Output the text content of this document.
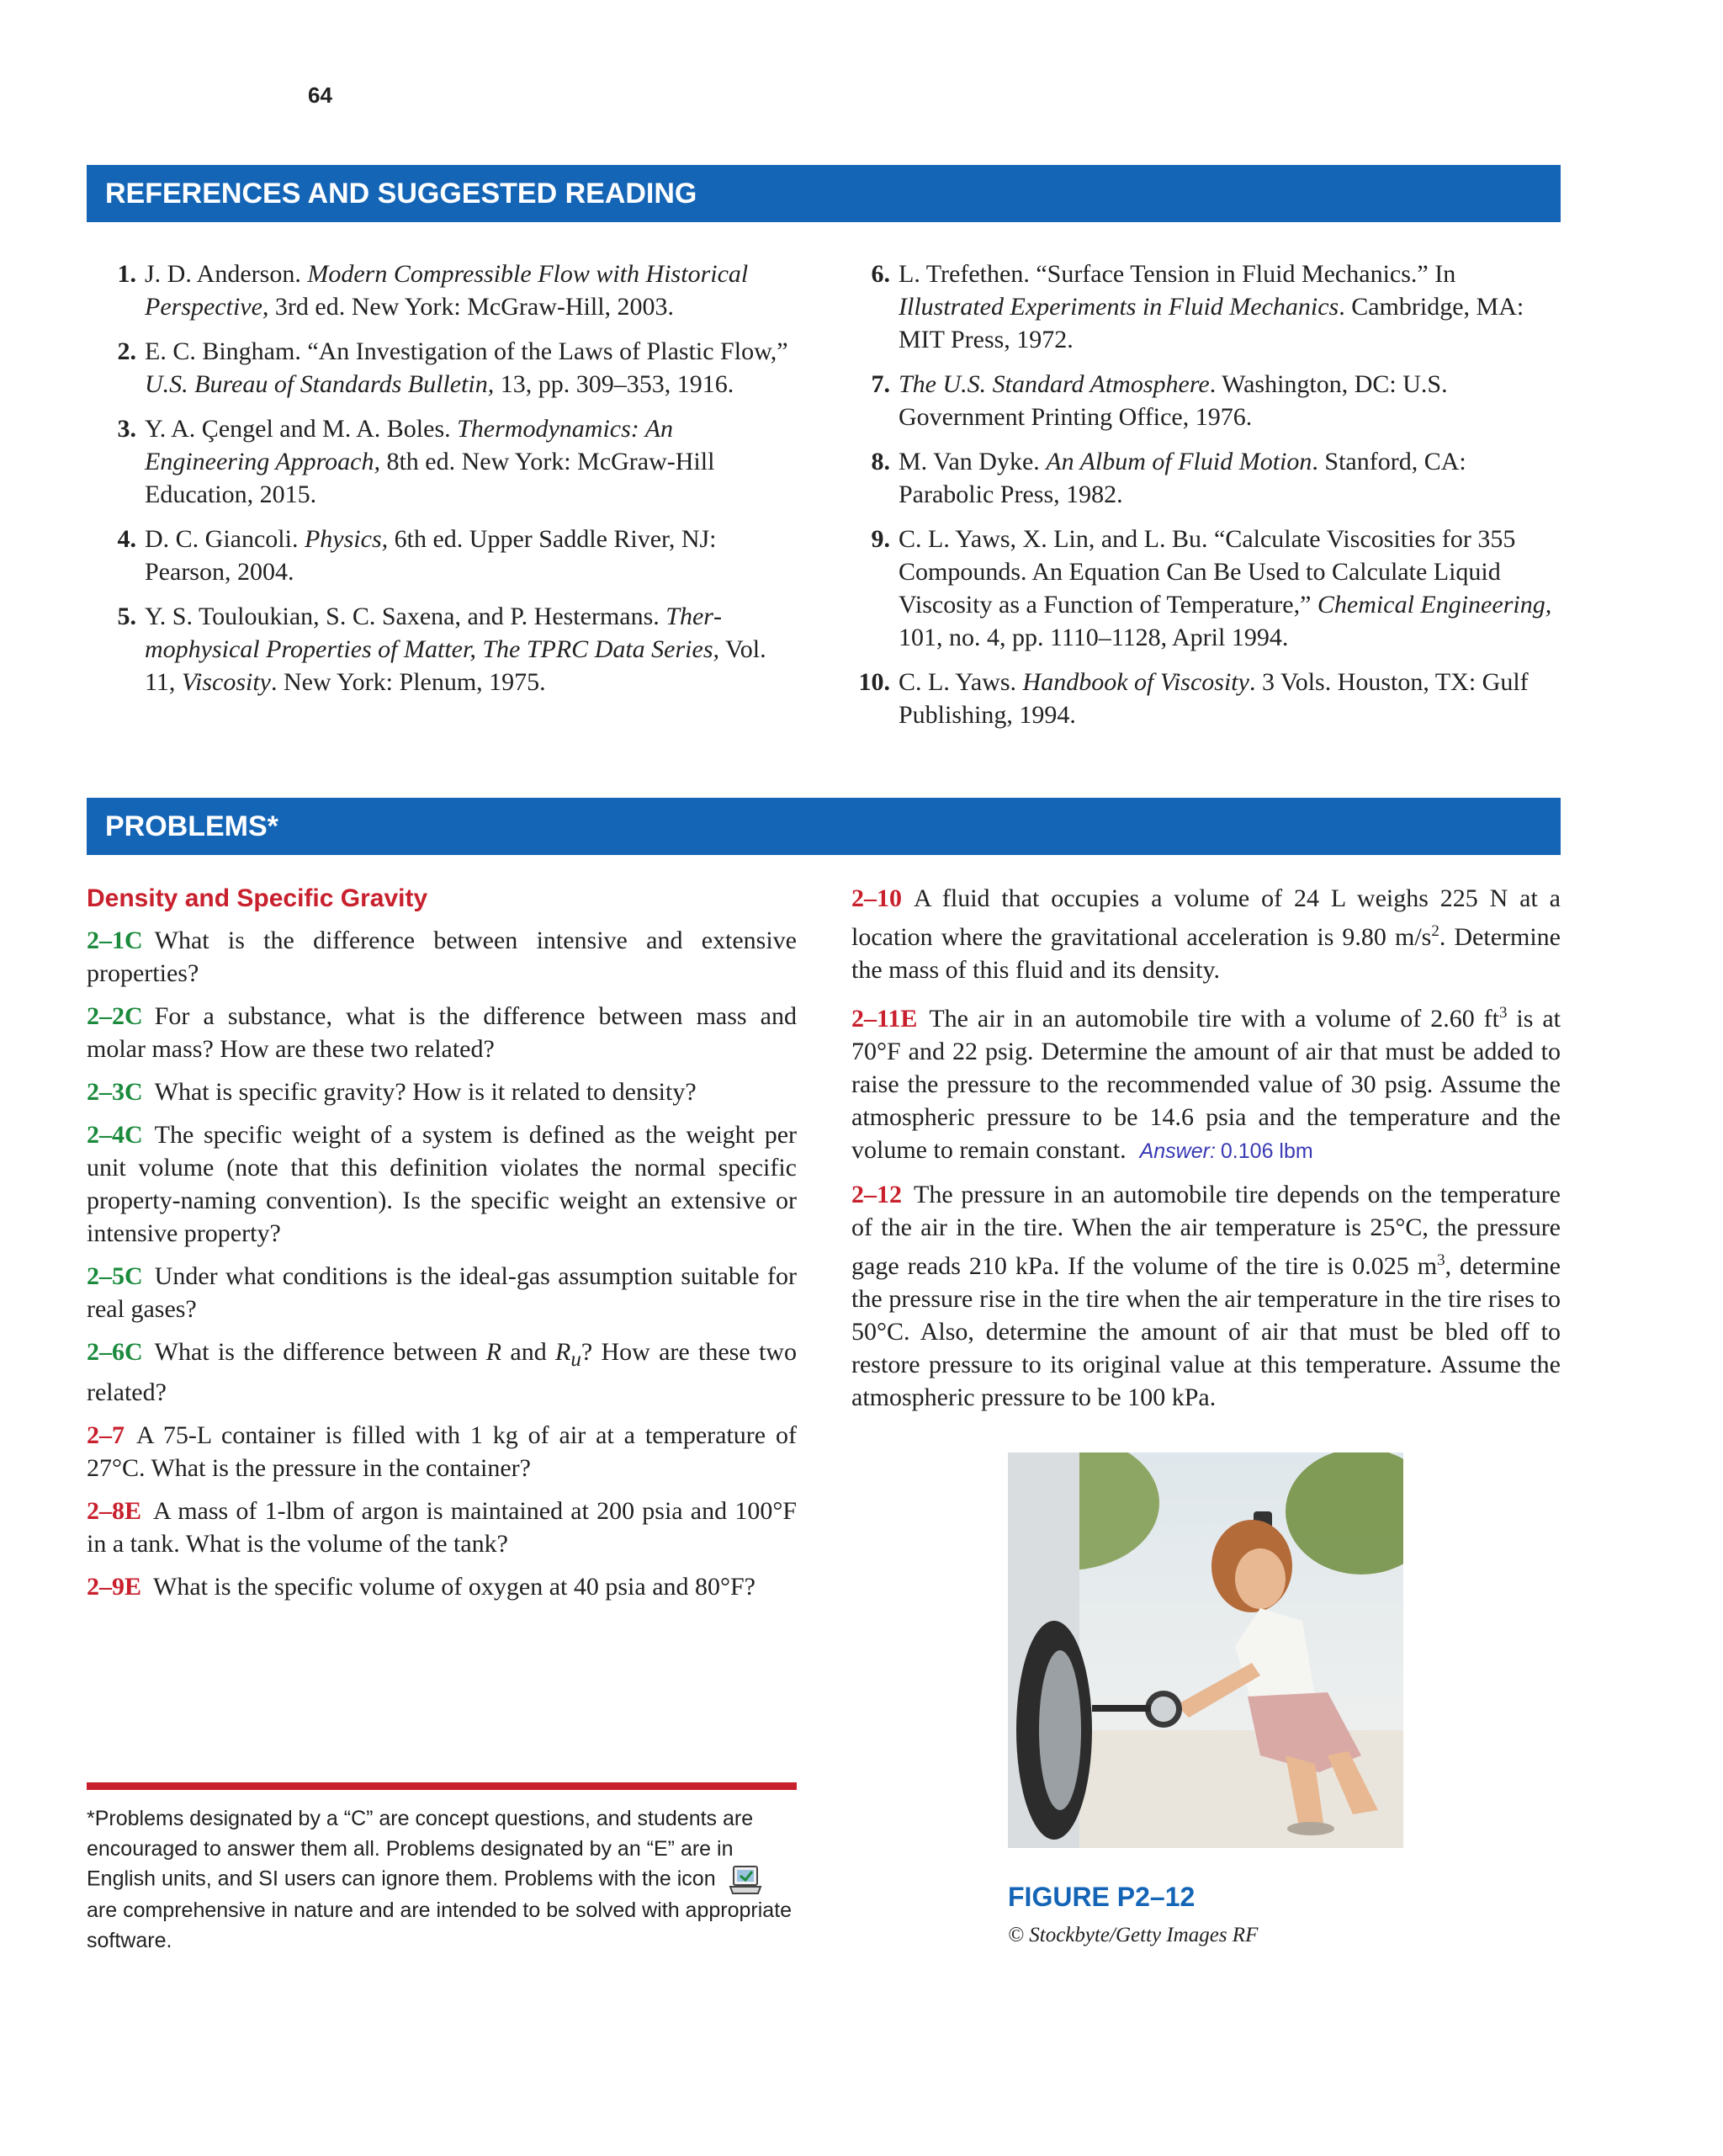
64
REFERENCES AND SUGGESTED READING
1. J. D. Anderson. Modern Compressible Flow with Historical Perspective, 3rd ed. New York: McGraw-Hill, 2003.
2. E. C. Bingham. “An Investigation of the Laws of Plastic Flow,” U.S. Bureau of Standards Bulletin, 13, pp. 309–353, 1916.
3. Y. A. Çengel and M. A. Boles. Thermodynamics: An Engineering Approach, 8th ed. New York: McGraw-Hill Education, 2015.
4. D. C. Giancoli. Physics, 6th ed. Upper Saddle River, NJ: Pearson, 2004.
5. Y. S. Touloukian, S. C. Saxena, and P. Hestermans. Thermophysical Properties of Matter, The TPRC Data Series, Vol. 11, Viscosity. New York: Plenum, 1975.
6. L. Trefethen. “Surface Tension in Fluid Mechanics.” In Illustrated Experiments in Fluid Mechanics. Cambridge, MA: MIT Press, 1972.
7. The U.S. Standard Atmosphere. Washington, DC: U.S. Government Printing Office, 1976.
8. M. Van Dyke. An Album of Fluid Motion. Stanford, CA: Parabolic Press, 1982.
9. C. L. Yaws, X. Lin, and L. Bu. “Calculate Viscosities for 355 Compounds. An Equation Can Be Used to Calculate Liquid Viscosity as a Function of Temperature,” Chemical Engineering, 101, no. 4, pp. 1110–1128, April 1994.
10. C. L. Yaws. Handbook of Viscosity. 3 Vols. Houston, TX: Gulf Publishing, 1994.
PROBLEMS*
Density and Specific Gravity
2–1C What is the difference between intensive and extensive properties?
2–2C For a substance, what is the difference between mass and molar mass? How are these two related?
2–3C What is specific gravity? How is it related to density?
2–4C The specific weight of a system is defined as the weight per unit volume (note that this definition violates the normal specific property-naming convention). Is the specific weight an extensive or intensive property?
2–5C Under what conditions is the ideal-gas assumption suitable for real gases?
2–6C What is the difference between R and $R_u$? How are these two related?
2–7 A 75-L container is filled with 1 kg of air at a temperature of 27°C. What is the pressure in the container?
2–8E A mass of 1-lbm of argon is maintained at 200 psia and 100°F in a tank. What is the volume of the tank?
2–9E What is the specific volume of oxygen at 40 psia and 80°F?
2–10 A fluid that occupies a volume of 24 L weighs 225 N at a location where the gravitational acceleration is 9.80 $m/s^2$. Determine the mass of this fluid and its density.
2–11E The air in an automobile tire with a volume of 2.60 $ft^3$ is at 70°F and 22 psig. Determine the amount of air that must be added to raise the pressure to the recommended value of 30 psig. Assume the atmospheric pressure to be 14.6 psia and the temperature and the volume to remain constant. Answer: 0.106 lbm
2–12 The pressure in an automobile tire depends on the temperature of the air in the tire. When the air temperature is 25°C, the pressure gage reads 210 kPa. If the volume of the tire is 0.025 $m^3$, determine the pressure rise in the tire when the air temperature in the tire rises to 50°C. Also, determine the amount of air that must be bled off to restore pressure to its original value at this temperature. Assume the atmospheric pressure to be 100 kPa.
FIGURE P2–12
© Stockbyte/Getty Images RF
*Problems designated by a “C” are concept questions, and students are encouraged to answer them all. Problems designated by an “E” are in English units, and SI users can ignore them. Problems with the icon  are comprehensive in nature and are intended to be solved with appropriate software.
